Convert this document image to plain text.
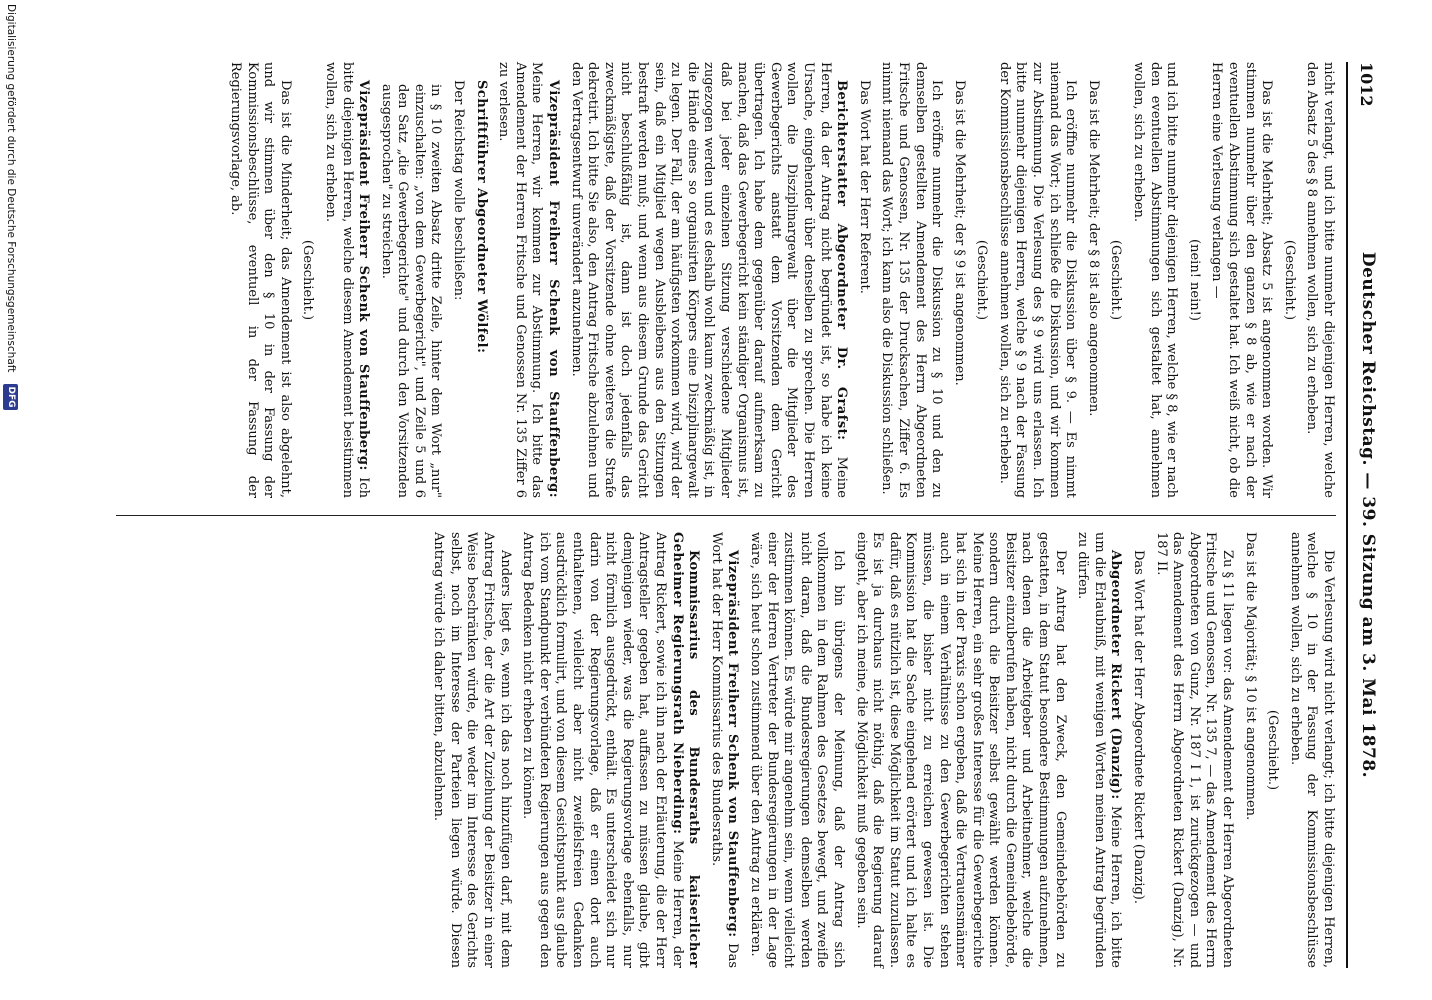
1012
Deutscher Reichstag. — 39. Sitzung am 3. Mai 1878.

nicht verlangt, und ich bitte nunmehr diejenigen Herren, welche den Absatz 5 des § 8 annehmen wollen, sich zu erheben.

(Geschieht.)

Das ist die Mehrheit; Absatz 5 ist angenommen worden. Wir stimmen nunmehr über den ganzen § 8 ab, wie er nach der eventuellen Abstimmung sich gestaltet hat. Ich weiß nicht, ob die Herren eine Verlesung verlangen —

(nein! nein!)

und ich bitte nunmehr diejenigen Herren, welche § 8, wie er nach den eventuellen Abstimmungen sich gestaltet hat, annehmen wollen, sich zu erheben.

(Geschieht.)

Das ist die Mehrheit; der § 8 ist also angenommen.

Ich eröffne nunmehr die Diskussion über § 9. — Es nimmt niemand das Wort; ich schließe die Diskussion, und wir kommen zur Abstimmung. Die Verlesung des § 9 wird uns erlassen. Ich bitte nunmehr diejenigen Herren, welche § 9 nach der Fassung der Kommissionsbeschlüsse annehmen wollen, sich zu erheben.

(Geschieht.)

Das ist die Mehrheit; der § 9 ist angenommen.

Ich eröffne nunmehr die Diskussion zu § 10 und den zu demselben gestellten Amendement des Herrn Abgeordneten Fritsche und Genossen, Nr. 135 der Drucksachen, Ziffer 6. Es nimmt niemand das Wort; ich kann also die Diskussion schließen.

Das Wort hat der Herr Referent.

Berichterstatter Abgeordneter Dr. Grafst: Meine Herren, da der Antrag nicht begründet ist, so habe ich keine Ursache, eingehender über denselben zu sprechen. Die Herren wollen die Disziplinargewalt über die Mitglieder des Gewerbegerichts anstatt dem Vorsitzenden dem Gericht übertragen. Ich habe dem gegenüber darauf aufmerksam zu machen, daß das Gewerbegericht kein ständiger Organismus ist, daß bei jeder einzelnen Sitzung verschiedene Mitglieder zugezogen werden und es deshalb wohl kaum zweckmäßig ist, in die Hände eines so organisirten Körpers eine Disziplinargewalt zu legen. Der Fall, der am häufigsten vorkommen wird, wird der sein, daß ein Mitglied wegen Ausbleibens aus den Sitzungen bestraft werden muß; und wenn aus diesem Grunde das Gericht nicht beschlußfähig ist, dann ist doch jedenfalls das zweckmäßigste, daß der Vorsitzende ohne weiteres die Strafe dekretirt. Ich bitte Sie also, den Antrag Fritsche abzulehnen und den Vertragsentwurf unverändert anzunehmen.

Vizepräsident Freiherr Schenk von Stauffenberg: Meine Herren, wir kommen zur Abstimmung. Ich bitte das Amendement der Herren Fritsche und Genossen Nr. 135 Ziffer 6 zu verlesen.

Schriftführer Abgeordneter Wölfel:

Der Reichstag wolle beschließen:

in § 10 zweiten Absatz dritte Zeile, hinter dem Wort „nur" einzuschalten: „von dem Gewerbegericht", und Zeile 5 und 6 den Satz „die Gewerbegerichte" und durch den Vorsitzenden ausgesprochen" zu streichen.

Vizepräsident Freiherr Schenk von Stauffenberg: Ich bitte diejenigen Herren, welche diesem Amendement beistimmen wollen, sich zu erheben.

(Geschieht.)

Das ist die Minderheit; das Amendement ist also abgelehnt, und wir stimmen über den § 10 in der Fassung der Kommissionsbeschlüsse, eventuell in der Fassung der Regierungsvorlage, ab.

Die Verlesung wird nicht verlangt; ich bitte diejenigen Herren, welche § 10 in der Fassung der Kommissionsbeschlüsse annehmen wollen, sich zu erheben.

(Geschieht.)

Das ist die Majorität; § 10 ist angenommen.

Zu § 11 liegen vor: das Amendement der Herren Abgeordneten Fritsche und Genossen, Nr. 135 7, — das Amendement des Herrn Abgeordneten von Gunz, Nr. 187 I 1, ist zurückgezogen — und das Amendement des Herrn Abgeordneten Rickert (Danzig), Nr. 187 II.

Das Wort hat der Herr Abgeordnete Rickert (Danzig).

Abgeordneter Rickert (Danzig): Meine Herren, ich bitte um die Erlaubniß, mit wenigen Worten meinen Antrag begründen zu dürfen.

Der Antrag hat den Zweck, den Gemeindebehörden zu gestatten, in dem Statut besondere Bestimmungen aufzunehmen, nach denen die Arbeitgeber und Arbeitnehmer, welche die Beisitzer einzuberufen haben, nicht durch die Gemeindebehörde, sondern durch die Beisitzer selbst gewählt werden können. Meine Herren, ein sehr großes Interesse für die Gewerbegerichte hat sich in der Praxis schon ergeben, daß die Vertrauensmänner auch in einem Verhältnisse zu den Gewerbegerichten stehen müssen, die bisher nicht zu erreichen gewesen ist. Die Kommission hat die Sache eingehend erörtert und ich halte es dafür, daß es nützlich ist, diese Möglichkeit im Statut zuzulassen. Es ist ja durchaus nicht nöthig, daß die Regierung darauf eingeht, aber ich meine, die Möglichkeit muß gegeben sein.

Ich bin übrigens der Meinung, daß der Antrag sich vollkommen in dem Rahmen des Gesetzes bewegt, und zweifle nicht daran, daß die Bundesregierungen demselben werden zustimmen können. Es würde mir angenehm sein, wenn vielleicht einer der Herren Vertreter der Bundesregierungen in der Lage wäre, sich heut schon zustimmend über den Antrag zu erklären.

Vizepräsident Freiherr Schenk von Stauffenberg: Das Wort hat der Herr Kommissarius des Bundesraths.

Kommissarius des Bundesraths kaiserlicher Geheimer Regierungsrath Nieberding: Meine Herren, der Antrag Rickert, sowie ich ihn nach der Erläuterung, die der Herr Antragsteller gegeben hat, auffassen zu müssen glaube, gibt demjenigen wieder, was die Regierungsvorlage ebenfalls, nur nicht förmlich ausgedrückt, enthält. Es unterscheidet sich nur darin von der Regierungsvorlage, daß er einen dort auch enthaltenen, vielleicht aber nicht zweifelsfreien Gedanken ausdrücklich formulirt, und von diesem Gesichtspunkt aus glaube ich vom Standpunkt der verbündeten Regierungen aus gegen den Antrag Bedenken nicht erheben zu können.

Anders liegt es, wenn ich das noch hinzufügen darf, mit dem Antrag Fritsche, der die Art der Zuziehung der Beisitzer in einer Weise beschränken würde, die weder im Interesse des Gerichts selbst, noch im Interesse der Parteien liegen würde. Diesen Antrag würde ich daher bitten, abzulehnen.

Digitalisierung gefördert durch die Deutsche Forschungsgemeinschaft
DFG
